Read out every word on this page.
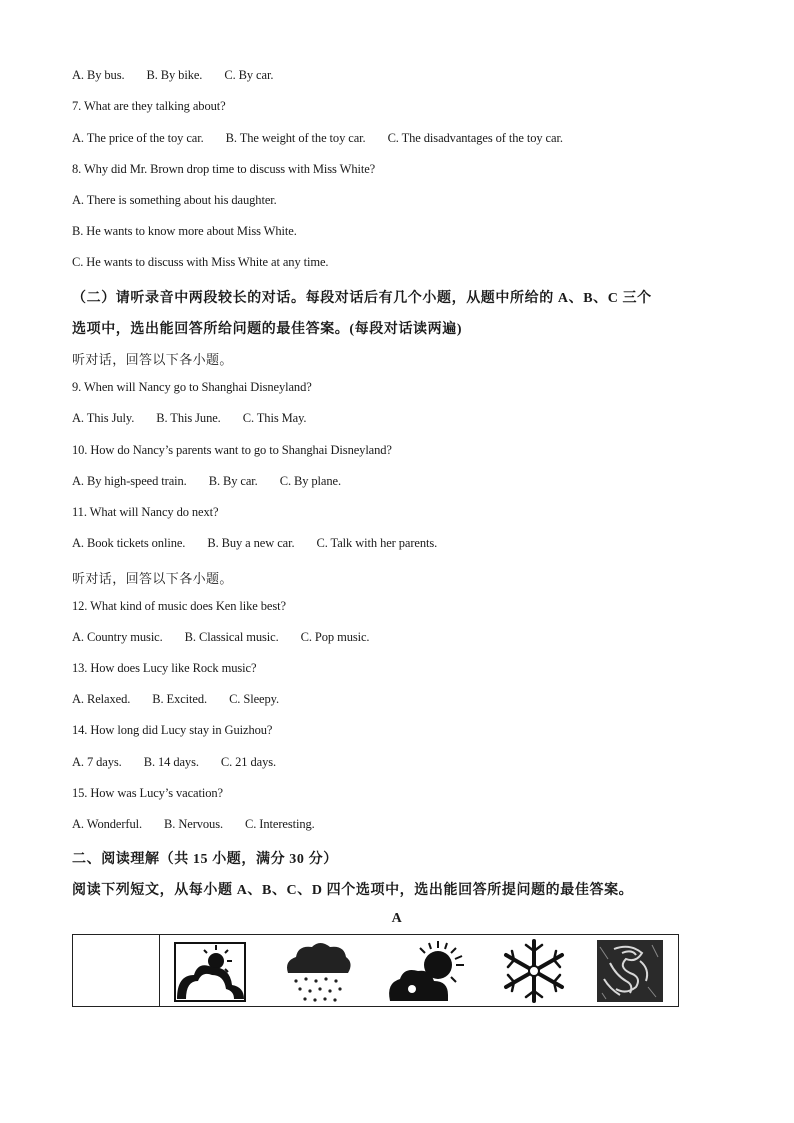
A. By bus. B. By bike. C. By car.
7. What are they talking about?
A. The price of the toy car. B. The weight of the toy car. C. The disadvantages of the toy car.
8. Why did Mr. Brown drop time to discuss with Miss White?
A. There is something about his daughter.
B. He wants to know more about Miss White.
C. He wants to discuss with Miss White at any time.
（二）请听录音中两段较长的对话。每段对话后有几个小题，从题中所给的 A、B、C 三个
选项中，选出能回答所给问题的最佳答案。(每段对话读两遍)
听对话，回答以下各小题。
9. When will Nancy go to Shanghai Disneyland?
A. This July. B. This June. C. This May.
10. How do Nancy’s parents want to go to Shanghai Disneyland?
A. By high-speed train. B. By car. C. By plane.
11. What will Nancy do next?
A. Book tickets online. B. Buy a new car. C. Talk with her parents.
听对话，回答以下各小题。
12. What kind of music does Ken like best?
A. Country music. B. Classical music. C. Pop music.
13. How does Lucy like Rock music?
A. Relaxed. B. Excited. C. Sleepy.
14. How long did Lucy stay in Guizhou?
A. 7 days. B. 14 days. C. 21 days.
15. How was Lucy’s vacation?
A. Wonderful. B. Nervous. C. Interesting.
二、阅读理解（共 15 小题，满分 30 分）
阅读下列短文，从每小题 A、B、C、D 四个选项中，选出能回答所提问题的最佳答案。
A
